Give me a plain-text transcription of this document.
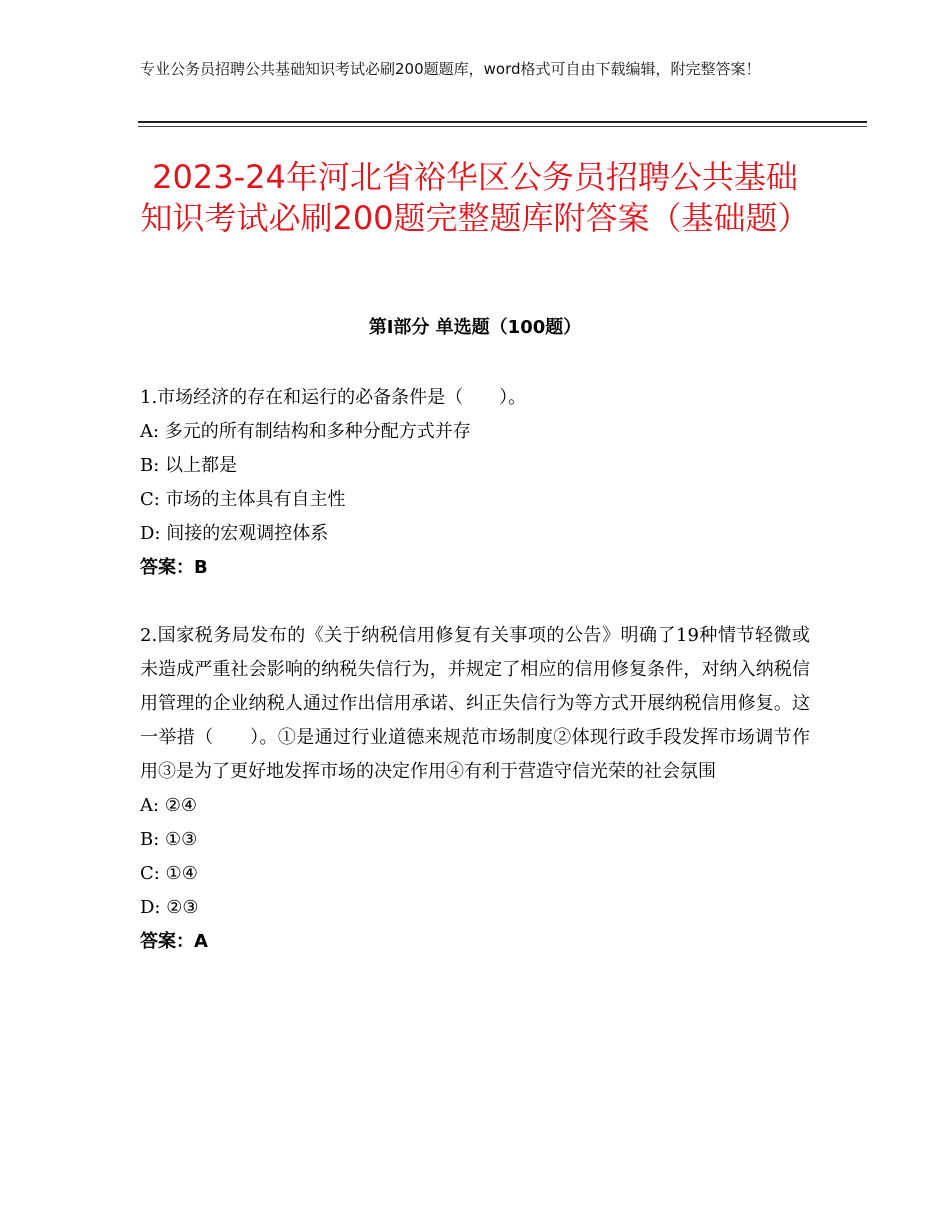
专业公务员招聘公共基础知识考试必刷200题题库，word格式可自由下载编辑，附完整答案！
2023-24年河北省裕华区公务员招聘公共基础知识考试必刷200题完整题库附答案（基础题）
第I部分 单选题（100题）

1.市场经济的存在和运行的必备条件是（　　）。

A: 多元的所有制结构和多种分配方式并存

B: 以上都是

C: 市场的主体具有自主性

D: 间接的宏观调控体系

答案：B

2.国家税务局发布的《关于纳税信用修复有关事项的公告》明确了19种情节轻微或未造成严重社会影响的纳税失信行为，并规定了相应的信用修复条件，对纳入纳税信用管理的企业纳税人通过作出信用承诺、纠正失信行为等方式开展纳税信用修复。这一举措（　　）。①是通过行业道德来规范市场制度②体现行政手段发挥市场调节作用③是为了更好地发挥市场的决定作用④有利于营造守信光荣的社会氛围

A: ②④

B: ①③

C: ①④

D: ②③

答案：A
